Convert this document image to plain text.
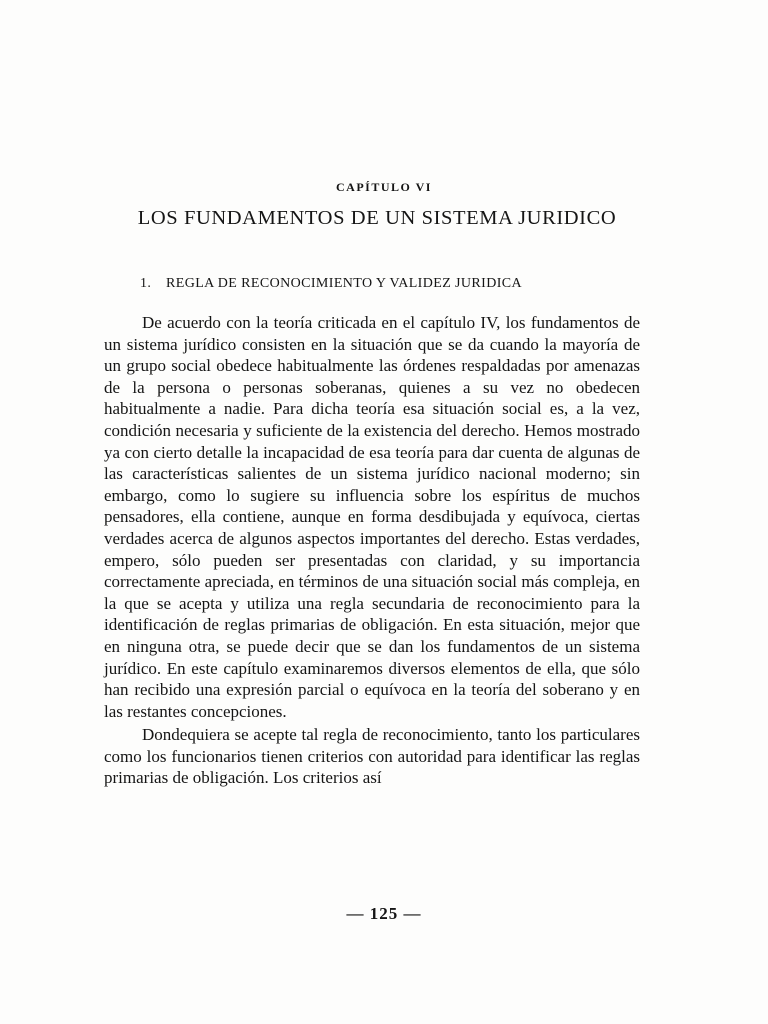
CAPÍTULO VI
LOS FUNDAMENTOS DE UN SISTEMA JURIDICO
1. REGLA DE RECONOCIMIENTO Y VALIDEZ JURIDICA

De acuerdo con la teoría criticada en el capítulo IV, los fundamentos de un sistema jurídico consisten en la situación que se da cuando la mayoría de un grupo social obedece habitualmente las órdenes respaldadas por amenazas de la persona o personas soberanas, quienes a su vez no obedecen habitualmente a nadie. Para dicha teoría esa situación social es, a la vez, condición necesaria y suficiente de la existencia del derecho. Hemos mostrado ya con cierto detalle la incapacidad de esa teoría para dar cuenta de algunas de las características salientes de un sistema jurídico nacional moderno; sin embargo, como lo sugiere su influencia sobre los espíritus de muchos pensadores, ella contiene, aunque en forma desdibujada y equívoca, ciertas verdades acerca de algunos aspectos importantes del derecho. Estas verdades, empero, sólo pueden ser presentadas con claridad, y su importancia correctamente apreciada, en términos de una situación social más compleja, en la que se acepta y utiliza una regla secundaria de reconocimiento para la identificación de reglas primarias de obligación. En esta situación, mejor que en ninguna otra, se puede decir que se dan los fundamentos de un sistema jurídico. En este capítulo examinaremos diversos elementos de ella, que sólo han recibido una expresión parcial o equívoca en la teoría del soberano y en las restantes concepciones.

Dondequiera se acepte tal regla de reconocimiento, tanto los particulares como los funcionarios tienen criterios con autoridad para identificar las reglas primarias de obligación. Los criterios así

— 125 —
